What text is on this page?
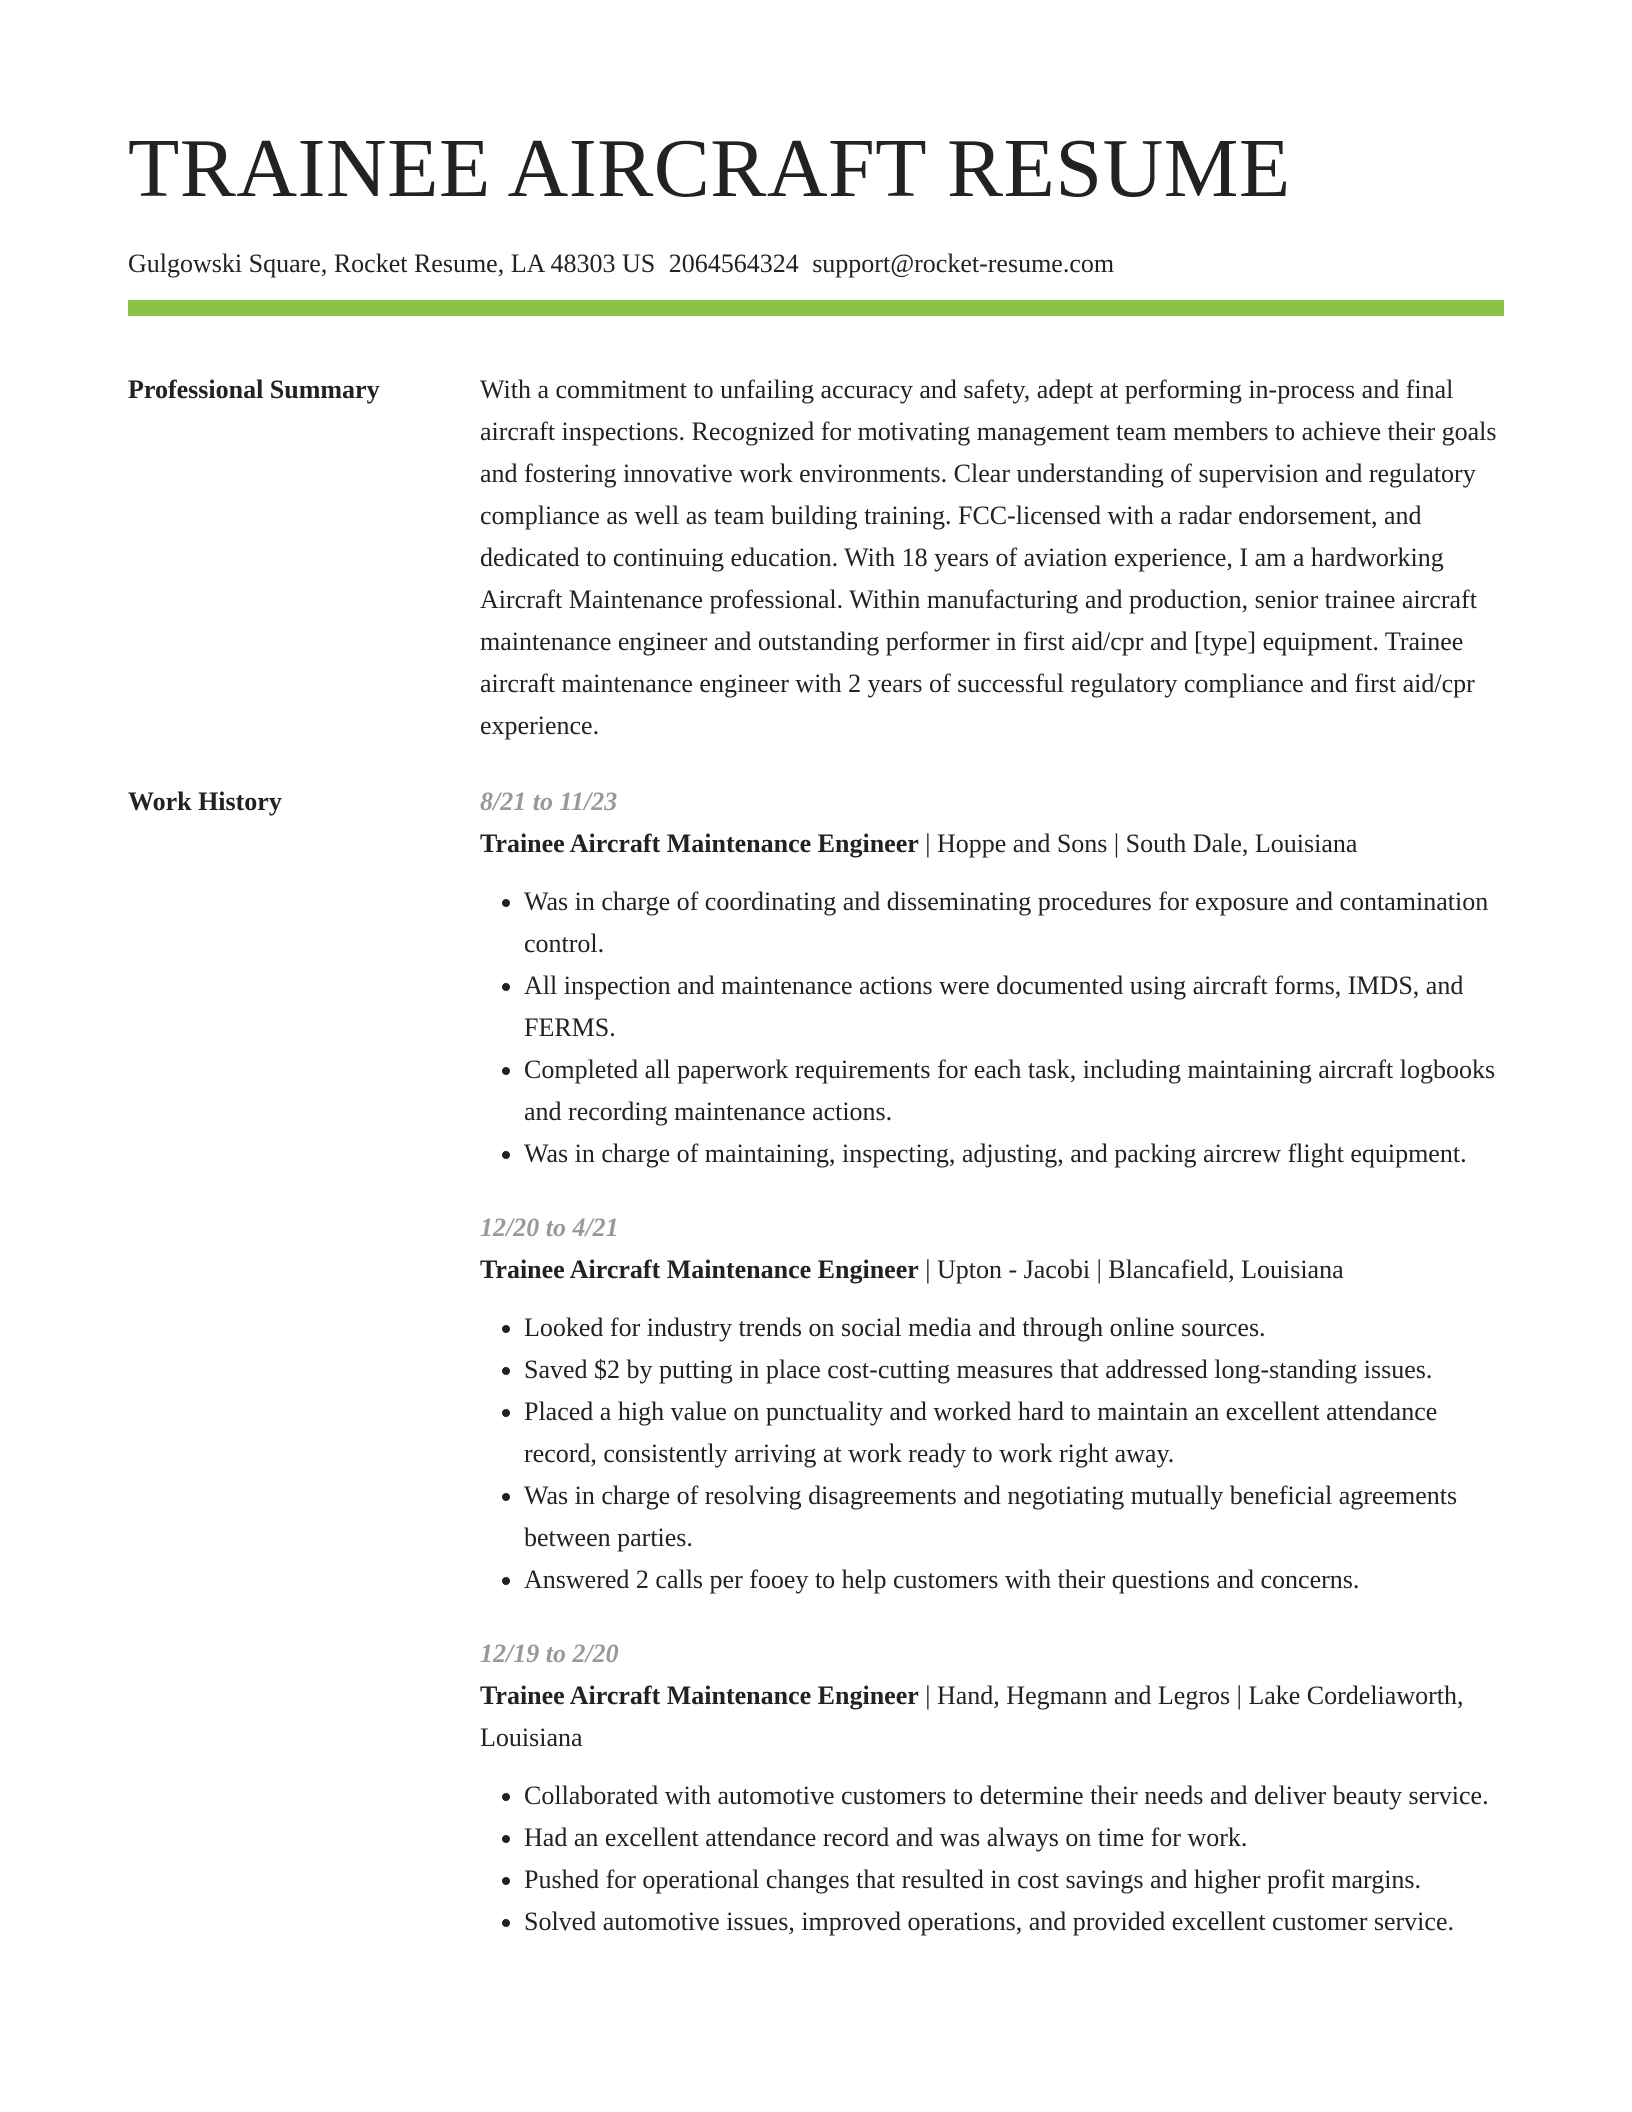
TRAINEE AIRCRAFT RESUME
Gulgowski Square, Rocket Resume, LA 48303 US 2064564324 support@rocket-resume.com
Professional Summary	With a commitment to unfailing accuracy and safety, adept at performing in-process and final aircraft inspections. Recognized for motivating management team members to achieve their goals and fostering innovative work environments. Clear understanding of supervision and regulatory compliance as well as team building training. FCC-licensed with a radar endorsement, and dedicated to continuing education. With 18 years of aviation experience, I am a hardworking Aircraft Maintenance professional. Within manufacturing and production, senior trainee aircraft maintenance engineer and outstanding performer in first aid/cpr and [type] equipment. Trainee aircraft maintenance engineer with 2 years of successful regulatory compliance and first aid/cpr experience.

Work History	8/21 to 11/23
Trainee Aircraft Maintenance Engineer | Hoppe and Sons | South Dale, Louisiana
• Was in charge of coordinating and disseminating procedures for exposure and contamination control.
• All inspection and maintenance actions were documented using aircraft forms, IMDS, and FERMS.
• Completed all paperwork requirements for each task, including maintaining aircraft logbooks and recording maintenance actions.
• Was in charge of maintaining, inspecting, adjusting, and packing aircrew flight equipment.
12/20 to 4/21
Trainee Aircraft Maintenance Engineer | Upton - Jacobi | Blancafield, Louisiana
• Looked for industry trends on social media and through online sources.
• Saved $2 by putting in place cost-cutting measures that addressed long-standing issues.
• Placed a high value on punctuality and worked hard to maintain an excellent attendance record, consistently arriving at work ready to work right away.
• Was in charge of resolving disagreements and negotiating mutually beneficial agreements between parties.
• Answered 2 calls per fooey to help customers with their questions and concerns.
12/19 to 2/20
Trainee Aircraft Maintenance Engineer | Hand, Hegmann and Legros | Lake Cordeliaworth, Louisiana
• Collaborated with automotive customers to determine their needs and deliver beauty service.
• Had an excellent attendance record and was always on time for work.
• Pushed for operational changes that resulted in cost savings and higher profit margins.
• Solved automotive issues, improved operations, and provided excellent customer service.
